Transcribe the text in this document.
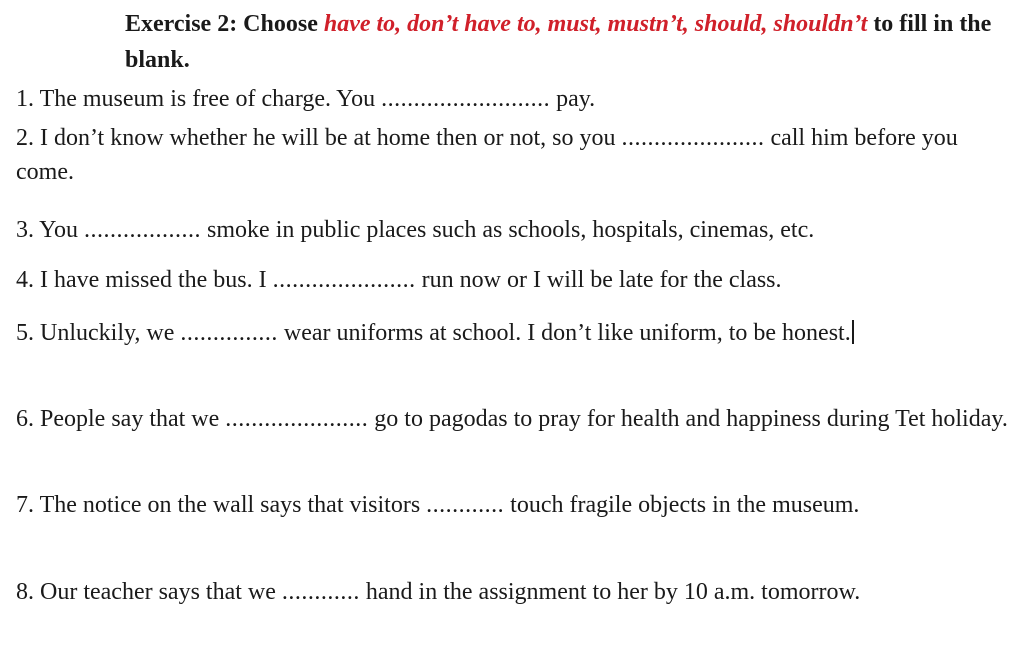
Exercise 2: Choose have to, don’t have to, must, mustn’t, should, shouldn’t to fill in the blank.
1. The museum is free of charge. You .......................... pay.
2. I don’t know whether he will be at home then or not, so you ...................... call him before you come.
3. You .................. smoke in public places such as schools, hospitals, cinemas, etc.
4. I have missed the bus. I ...................... run now or I will be late for the class.
5. Unluckily, we ............... wear uniforms at school. I don’t like uniform, to be honest.
6. People say that we ...................... go to pagodas to pray for health and happiness during Tet holiday.
7. The notice on the wall says that visitors ............ touch fragile objects in the museum.
8. Our teacher says that we ............ hand in the assignment to her by 10 a.m. tomorrow.
